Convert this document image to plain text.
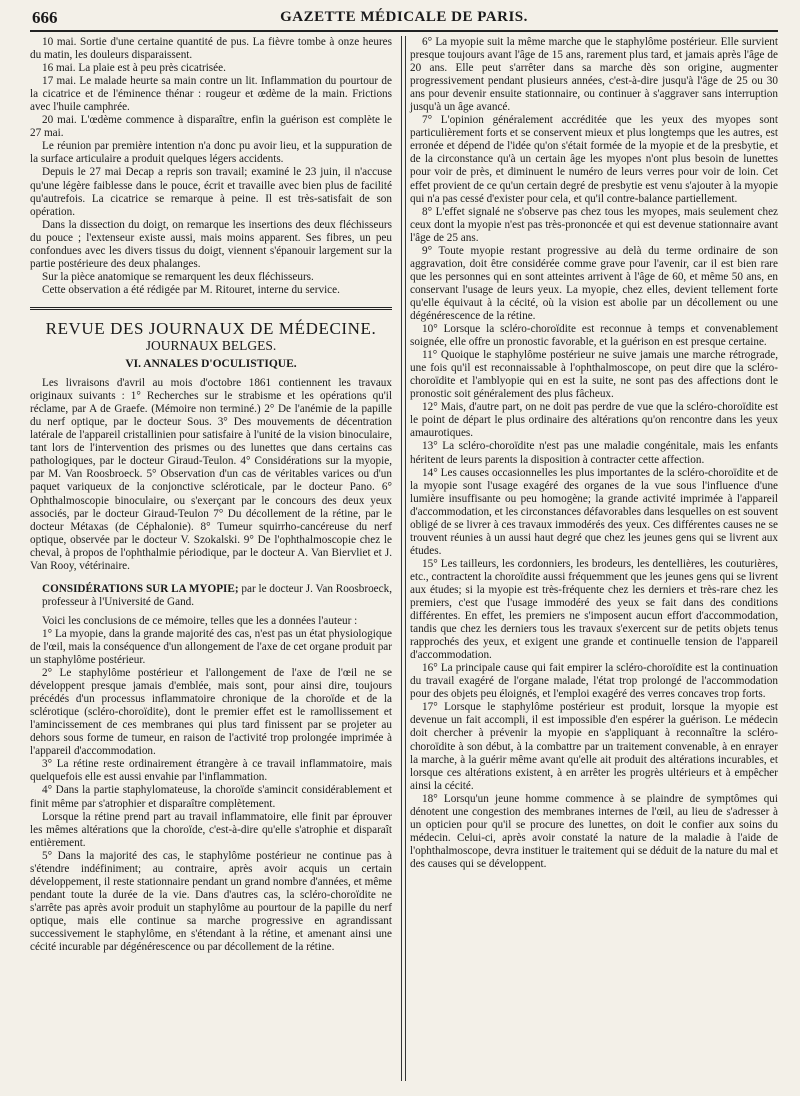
666	GAZETTE MÉDICALE DE PARIS.

10 mai. Sortie d'une certaine quantité de pus. La fièvre tombe à onze heures du matin, les douleurs disparaissent.

16 mai. La plaie est à peu près cicatrisée.

17 mai. Le malade heurte sa main contre un lit. Inflammation du pourtour de la cicatrice et de l'éminence thénar : rougeur et œdème de la main. Frictions avec l'huile camphrée.

20 mai. L'œdème commence à disparaître, enfin la guérison est complète le 27 mai.

Le réunion par première intention n'a donc pu avoir lieu, et la suppuration de la surface articulaire a produit quelques légers accidents.

Depuis le 27 mai Decap a repris son travail; examiné le 23 juin, il n'accuse qu'une légère faiblesse dans le pouce, écrit et travaille avec bien plus de facilité qu'autrefois. La cicatrice se remarque à peine. Il est très-satisfait de son opération.

Dans la dissection du doigt, on remarque les insertions des deux fléchisseurs du pouce ; l'extenseur existe aussi, mais moins apparent. Ses fibres, un peu confondues avec les divers tissus du doigt, viennent s'épanouir largement sur la partie postérieure des deux phalanges.

Sur la pièce anatomique se remarquent les deux fléchisseurs.

Cette observation a été rédigée par M. Ritouret, interne du service.

REVUE DES JOURNAUX DE MÉDECINE.
JOURNAUX BELGES.
VI. ANNALES D'OCULISTIQUE.

Les livraisons d'avril au mois d'octobre 1861 contiennent les travaux originaux suivants : 1° Recherches sur le strabisme et les opérations qu'il réclame, par A de Graefe. (Mémoire non terminé.) 2° De l'anémie de la papille du nerf optique, par le docteur Sous. 3° Des mouvements de décentration latérale de l'appareil cristallinien pour satisfaire à l'unité de la vision binoculaire, tant lors de l'intervention des prismes ou des lunettes que dans certains cas pathologiques, par le docteur Giraud-Teulon. 4° Considérations sur la myopie, par M. Van Roosbroeck. 5° Observation d'un cas de véritables varices ou d'un paquet variqueux de la conjonctive scléroticale, par le docteur Pano. 6° Ophthalmoscopie binoculaire, ou s'exerçant par le concours des deux yeux associés, par le docteur Giraud-Teulon 7° Du décollement de la rétine, par le docteur Métaxas (de Céphalonie). 8° Tumeur squirrho-cancéreuse du nerf optique, observée par le docteur V. Szokalski. 9° De l'ophthalmoscopie chez le cheval, à propos de l'ophthalmie périodique, par le docteur A. Van Biervliet et J. Van Rooy, vétérinaire.

CONSIDÉRATIONS SUR LA MYOPIE; par le docteur J. Van Roosbroeck, professeur à l'Université de Gand.

Voici les conclusions de ce mémoire, telles que les a données l'auteur :

1° La myopie, dans la grande majorité des cas, n'est pas un état physiologique de l'œil, mais la conséquence d'un allongement de l'axe de cet organe produit par un staphylôme postérieur.

2° Le staphylôme postérieur et l'allongement de l'axe de l'œil ne se développent presque jamais d'emblée, mais sont, pour ainsi dire, toujours précédés d'un processus inflammatoire chronique de la choroïde et de la sclérotique (scléro-choroïdite), dont le premier effet est le ramollissement et l'amincissement de ces membranes qui plus tard finissent par se projeter au dehors sous forme de tumeur, en raison de l'activité trop prolongée imprimée à l'appareil d'accommodation.

3° La rétine reste ordinairement étrangère à ce travail inflammatoire, mais quelquefois elle est aussi envahie par l'inflammation.

4° Dans la partie staphylomateuse, la choroïde s'amincit considérablement et finit même par s'atrophier et disparaître complètement.

Lorsque la rétine prend part au travail inflammatoire, elle finit par éprouver les mêmes altérations que la choroïde, c'est-à-dire qu'elle s'atrophie et disparaît entièrement.

5° Dans la majorité des cas, le staphylôme postérieur ne continue pas à s'étendre indéfiniment; au contraire, après avoir acquis un certain développement, il reste stationnaire pendant un grand nombre d'années, et même pendant toute la durée de la vie. Dans d'autres cas, la scléro-choroïdite ne s'arrête pas après avoir produit un staphylôme au pourtour de la papille du nerf optique, mais elle continue sa marche progressive en agrandissant successivement le staphylôme, en s'étendant à la rétine, et amenant ainsi une cécité incurable par dégénérescence ou par décollement de la rétine.

6° La myopie suit la même marche que le staphylôme postérieur. Elle survient presque toujours avant l'âge de 15 ans, rarement plus tard, et jamais après l'âge de 20 ans. Elle peut s'arrêter dans sa marche dès son origine, augmenter progressivement pendant plusieurs années, c'est-à-dire jusqu'à l'âge de 25 ou 30 ans pour devenir ensuite stationnaire, ou continuer à s'aggraver sans interruption jusqu'à un âge avancé.

7° L'opinion généralement accréditée que les yeux des myopes sont particulièrement forts et se conservent mieux et plus longtemps que les autres, est erronée et dépend de l'idée qu'on s'était formée de la myopie et de la presbytie, et de la circonstance qu'à un certain âge les myopes n'ont plus besoin de lunettes pour voir de près, et diminuent le numéro de leurs verres pour voir de loin. Cet effet provient de ce qu'un certain degré de presbytie est venu s'ajouter à la myopie qui n'a pas cessé d'exister pour cela, et qu'il contre-balance partiellement.

8° L'effet signalé ne s'observe pas chez tous les myopes, mais seulement chez ceux dont la myopie n'est pas très-prononcée et qui est devenue stationnaire avant l'âge de 25 ans.

9° Toute myopie restant progressive au delà du terme ordinaire de son aggravation, doit être considérée comme grave pour l'avenir, car il est bien rare que les personnes qui en sont atteintes arrivent à l'âge de 60, et même 50 ans, en conservant l'usage de leurs yeux. La myopie, chez elles, devient tellement forte qu'elle équivaut à la cécité, où la vision est abolie par un décollement ou une dégénérescence de la rétine.

10° Lorsque la scléro-choroïdite est reconnue à temps et convenablement soignée, elle offre un pronostic favorable, et la guérison en est presque certaine.

11° Quoique le staphylôme postérieur ne suive jamais une marche rétrograde, une fois qu'il est reconnaissable à l'ophthalmoscope, on peut dire que la scléro-choroïdite et l'amblyopie qui en est la suite, ne sont pas des affections dont le pronostic soit généralement des plus fâcheux.

12° Mais, d'autre part, on ne doit pas perdre de vue que la scléro-choroïdite est le point de départ le plus ordinaire des altérations qu'on rencontre dans les yeux amaurotiques.

13° La scléro-choroïdite n'est pas une maladie congénitale, mais les enfants héritent de leurs parents la disposition à contracter cette affection.

14° Les causes occasionnelles les plus importantes de la scléro-choroïdite et de la myopie sont l'usage exagéré des organes de la vue sous l'influence d'une lumière insuffisante ou peu homogène; la grande activité imprimée à l'appareil d'accommodation, et les circonstances défavorables dans lesquelles on est souvent obligé de se livrer à ces travaux immodérés des yeux. Ces différentes causes ne se trouvent réunies à un aussi haut degré que chez les jeunes gens qui se livrent aux études.

15° Les tailleurs, les cordonniers, les brodeurs, les dentellières, les couturières, etc., contractent la choroïdite aussi fréquemment que les jeunes gens qui se livrent aux études; si la myopie est très-fréquente chez les derniers et très-rare chez les premiers, c'est que l'usage immodéré des yeux se fait dans des conditions différentes. En effet, les premiers ne s'imposent aucun effort d'accommodation, tandis que chez les derniers tous les travaux s'exercent sur de petits objets tenus rapprochés des yeux, et exigent une grande et continuelle tension de l'appareil d'accommodation.

16° La principale cause qui fait empirer la scléro-choroïdite est la continuation du travail exagéré de l'organe malade, l'état trop prolongé de l'accommodation pour des objets peu éloignés, et l'emploi exagéré des verres concaves trop forts.

17° Lorsque le staphylôme postérieur est produit, lorsque la myopie est devenue un fait accompli, il est impossible d'en espérer la guérison. Le médecin doit chercher à prévenir la myopie en s'appliquant à reconnaître la scléro-choroïdite à son début, à la combattre par un traitement convenable, à en enrayer la marche, à la guérir même avant qu'elle ait produit des altérations incurables, et lorsque ces altérations existent, à en arrêter les progrès ultérieurs et à empêcher ainsi la cécité.

18° Lorsqu'un jeune homme commence à se plaindre de symptômes qui dénotent une congestion des membranes internes de l'œil, au lieu de s'adresser à un opticien pour qu'il se procure des lunettes, on doit le confier aux soins du médecin. Celui-ci, après avoir constaté la nature de la maladie à l'aide de l'ophthalmoscope, devra instituer le traitement qui se déduit de la nature du mal et des causes qui se développent.
